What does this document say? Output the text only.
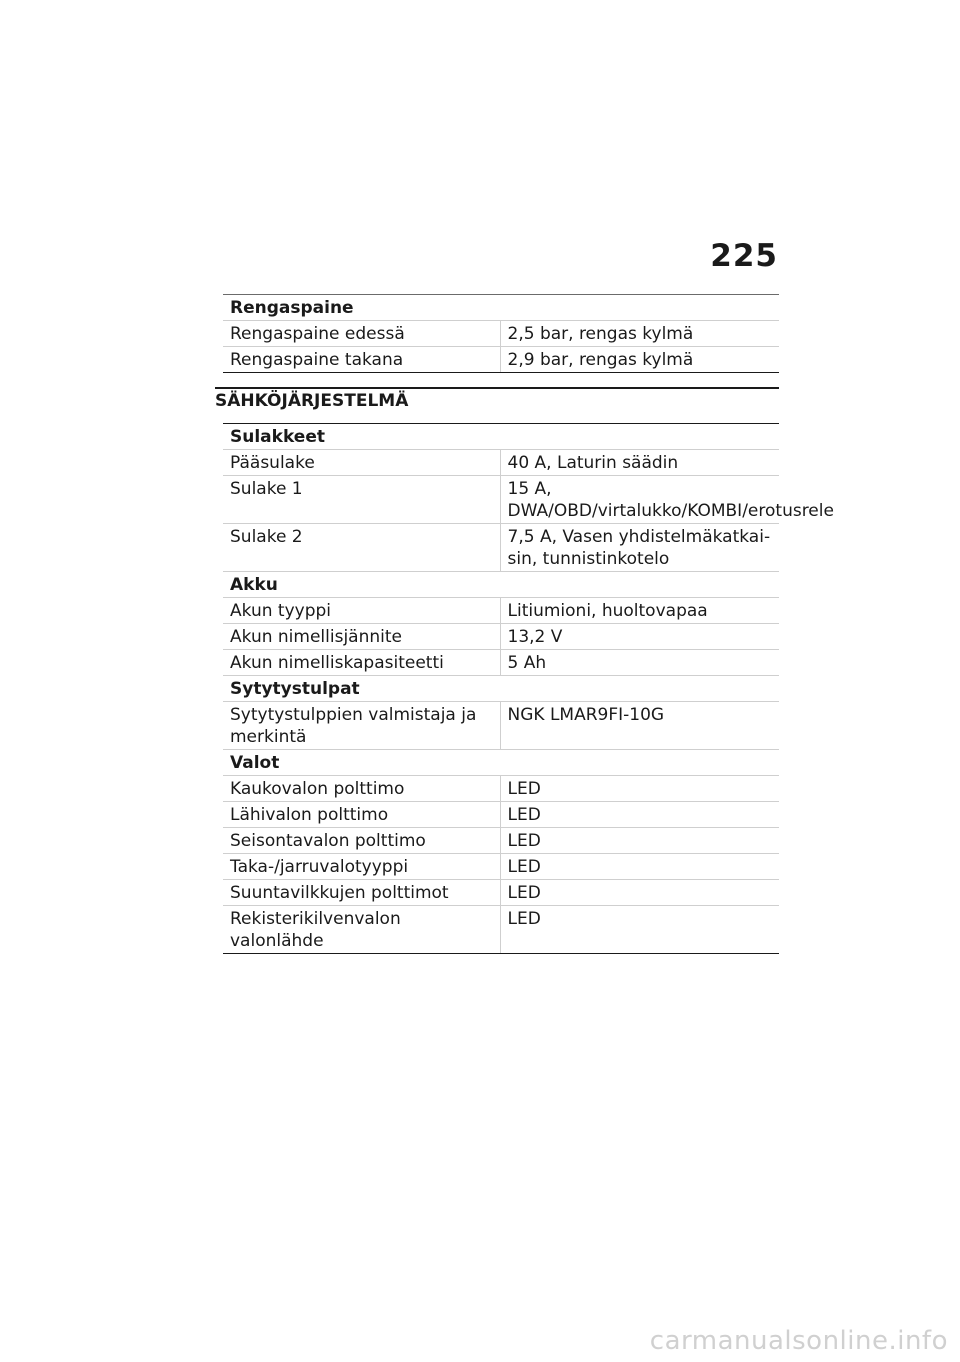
225
Rengaspaine	
Rengaspaine edessä	2,5 bar, rengas kylmä
Rengaspaine takana	2,9 bar, rengas kylmä
SÄHKÖJÄRJESTELMÄ
Sulakkeet	
Pääsulake	40 A, Laturin säädin
Sulake 1	15 A, DWA/OBD/virtalukko/KOMBI/erotusrele
Sulake 2	7,5 A, Vasen yhdistelmäkatkai-sin, tunnistinkotelo
Akku	
Akun tyyppi	Litiumioni, huoltovapaa
Akun nimellisjännite	13,2 V
Akun nimelliskapasiteetti	5 Ah
Sytytystulpat	
Sytytystulppien valmistaja ja merkintä	NGK LMAR9FI-10G
Valot	
Kaukovalon polttimo	LED
Lähivalon polttimo	LED
Seisontavalon polttimo	LED
Taka-/jarruvalotyyppi	LED
Suuntavilkkujen polttimot	LED
Rekisterikilvenvalon valonlähde	LED
carmanualsonline.info
